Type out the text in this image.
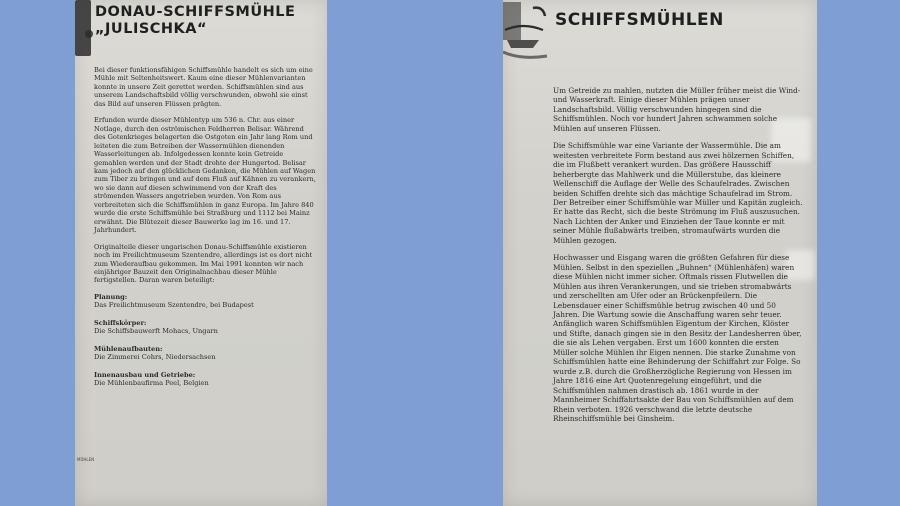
DONAU-SCHIFFSMÜHLE
„JULISCHKA“

Bei dieser funktionsfähigen Schiffsmühle handelt es sich um eine Mühle mit Seltenheitswert. Kaum eine dieser Mühlenvarianten konnte in unsere Zeit gerettet werden. Schiffsmühlen sind aus unserem Landschaftsbild völlig verschwunden, obwohl sie einst das Bild auf unseren Flüssen prägten.

Erfunden wurde dieser Mühlentyp um 536 n. Chr. aus einer Notlage, durch den oströmischen Feldherren Belisar. Während des Gotenkrieges belagerten die Ostgoten ein Jahr lang Rom und leiteten die zum Betreiben der Wassermühlen dienenden Wasserleitungen ab. Infolgedessen konnte kein Getreide gemahlen werden und der Stadt drohte der Hungertod. Belisar kam jedoch auf den glücklichen Gedanken, die Mühlen auf Wagen zum Tiber zu bringen und auf dem Fluß auf Kähnen zu verankern, wo sie dann auf diesen schwimmend von der Kraft des strömenden Wassers angetrieben wurden. Von Rom aus verbreiteten sich die Schiffsmühlen in ganz Europa. Im Jahre 840 wurde die erste Schiffsmühle bei Straßburg und 1112 bei Mainz erwähnt. Die Blütezeit dieser Bauwerke lag im 16. und 17. Jahrhundert.

Originalteile dieser ungarischen Donau-Schiffsmühle existieren noch im Freilichtmuseum Szentendre, allerdings ist es dort nicht zum Wiederaufbau gekommen. Im Mai 1991 konnten wir nach einjähriger Bauzeit den Originalnachbau dieser Mühle fertigstellen. Daran waren beteiligt:

Planung:
Das Freilichtmuseum Szentendre, bei Budapest
Schiffskörper:
Die Schiffsbauwerft Mohacs, Ungarn
Mühlenaufbauten:
Die Zimmerei Cohrs, Niedersachsen
Innenausbau und Getriebe:
Die Mühlenbaufirma Peel, Belgien
MÜHLEN
SCHIFFSMÜHLEN

Um Getreide zu mahlen, nutzten die Müller früher meist die Wind- und Wasserkraft. Einige dieser Mühlen prägen unser Landschaftsbild. Völlig verschwunden hingegen sind die Schiffsmühlen. Noch vor hundert Jahren schwammen solche Mühlen auf unseren Flüssen.

Die Schiffsmühle war eine Variante der Wassermühle. Die am weitesten verbreitete Form bestand aus zwei hölzernen Schiffen, die im Flußbett verankert wurden. Das größere Hausschiff beherbergte das Mahlwerk und die Müllerstube, das kleinere Wellenschiff die Auflage der Welle des Schaufelrades. Zwischen beiden Schiffen drehte sich das mächtige Schaufelrad im Strom. Der Betreiber einer Schiffsmühle war Müller und Kapitän zugleich. Er hatte das Recht, sich die beste Strömung im Fluß auszusuchen. Nach Lichten der Anker und Einziehen der Taue konnte er mit seiner Mühle flußabwärts treiben, stromaufwärts wurden die Mühlen gezogen.

Hochwasser und Eisgang waren die größten Gefahren für diese Mühlen. Selbst in den speziellen „Buhnen“ (Mühlenhäfen) waren diese Mühlen nicht immer sicher. Oftmals rissen Flutwellen die Mühlen aus ihren Verankerungen, und sie trieben stromabwärts und zerschellten am Ufer oder an Brückenpfeilern. Die Lebensdauer einer Schiffsmühle betrug zwischen 40 und 50 Jahren. Die Wartung sowie die Anschaffung waren sehr teuer. Anfänglich waren Schiffsmühlen Eigentum der Kirchen, Klöster und Stifte, danach gingen sie in den Besitz der Landesherren über, die sie als Lehen vergaben. Erst um 1600 konnten die ersten Müller solche Mühlen ihr Eigen nennen. Die starke Zunahme von Schiffsmühlen hatte eine Behinderung der Schiffahrt zur Folge. So wurde z.B. durch die Großherzögliche Regierung von Hessen im Jahre 1816 eine Art Quotenregelung eingeführt, und die Schiffsmühlen nahmen drastisch ab. 1861 wurde in der Mannheimer Schiffahrtsakte der Bau von Schiffsmühlen auf dem Rhein verboten. 1926 verschwand die letzte deutsche Rheinschiffsmühle bei Ginsheim.
